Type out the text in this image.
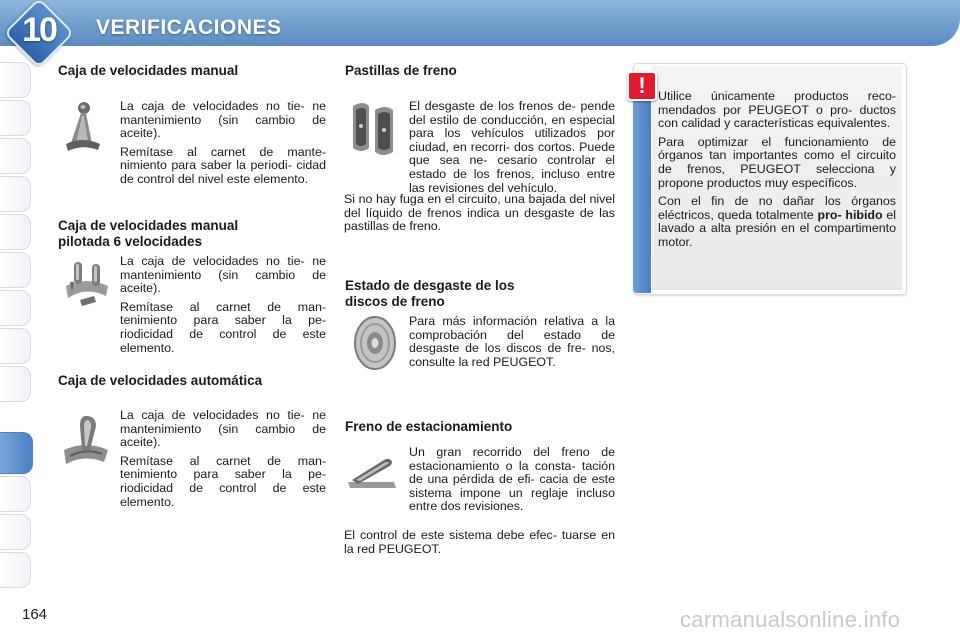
10	VERIFICACIONES
Caja de velocidades manual

La caja de velocidades no tie- ne mantenimiento (sin cambio de aceite).

Remítase al carnet de mante- nimiento para saber la periodi- cidad de control del nivel este elemento.

Caja de velocidades manual
pilotada 6 velocidades

La caja de velocidades no tie- ne mantenimiento (sin cambio de aceite).

Remítase al carnet de man- tenimiento para saber la pe- riodicidad de control de este elemento.

Caja de velocidades automática

La caja de velocidades no tie- ne mantenimiento (sin cambio de aceite).

Remítase al carnet de man- tenimiento para saber la pe- riodicidad de control de este elemento.

Pastillas de freno

El desgaste de los frenos de- pende del estilo de conducción, en especial para los vehículos utilizados por ciudad, en recorri- dos cortos. Puede que sea ne- cesario controlar el estado de los frenos, incluso entre las revisiones del vehículo.

Si no hay fuga en el circuito, una bajada del nivel del líquido de frenos indica un desgaste de las pastillas de freno.

Estado de desgaste de los
discos de freno

Para más información relativa a la comprobación del estado de desgaste de los discos de fre- nos, consulte la red PEUGEOT.

Freno de estacionamiento

Un gran recorrido del freno de estacionamiento o la consta- tación de una pérdida de efi- cacia de este sistema impone un reglaje incluso entre dos revisiones.

El control de este sistema debe efec- tuarse en la red PEUGEOT.

! Utilice únicamente productos reco- mendados por PEUGEOT o pro- ductos con calidad y características equivalentes.

Para optimizar el funcionamiento de órganos tan importantes como el circuito de frenos, PEUGEOT selecciona y propone productos muy específicos.

Con el fin de no dañar los órganos eléctricos, queda totalmente pro- hibido el lavado a alta presión en el compartimento motor.

164	carmanualsonline.info
